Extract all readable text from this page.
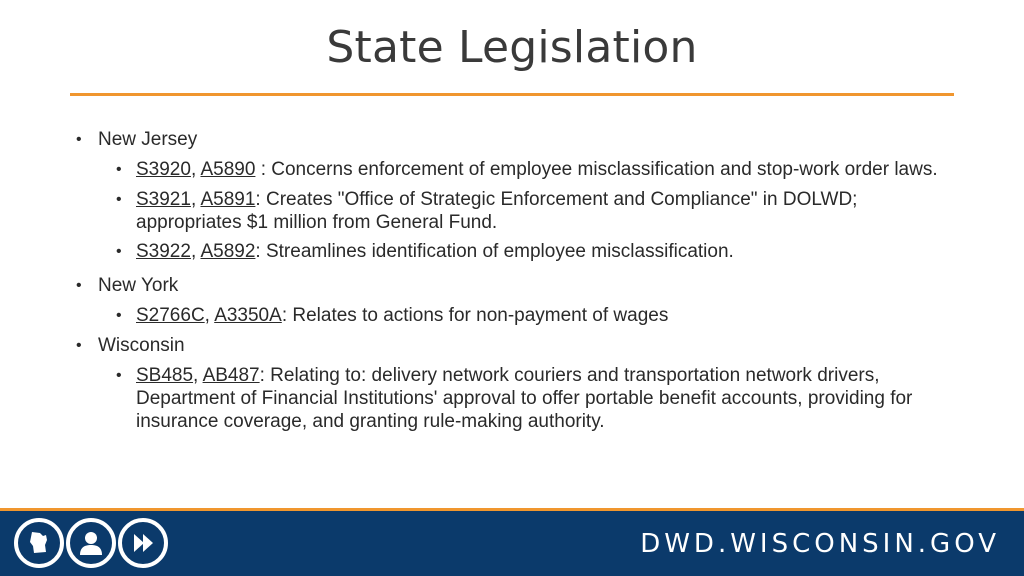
State Legislation
• New Jersey
• S3920, A5890 : Concerns enforcement of employee misclassification and stop-work order laws.
• S3921, A5891: Creates "Office of Strategic Enforcement and Compliance" in DOLWD; appropriates $1 million from General Fund.
• S3922, A5892: Streamlines identification of employee misclassification.
• New York
• S2766C, A3350A: Relates to actions for non-payment of wages
• Wisconsin
• SB485, AB487: Relating to: delivery network couriers and transportation network drivers, Department of Financial Institutions' approval to offer portable benefit accounts, providing for insurance coverage, and granting rule-making authority.
DWD.WISCONSIN.GOV
